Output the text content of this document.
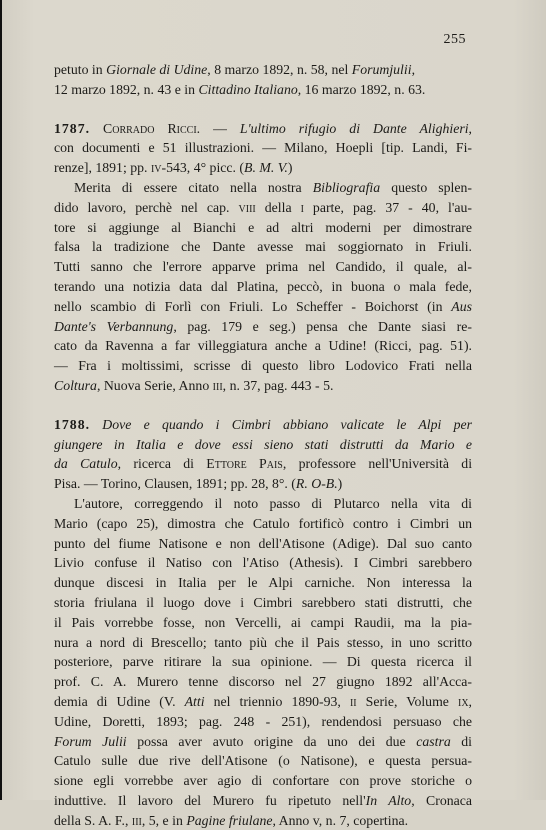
255
petuto in Giornale di Udine, 8 marzo 1892, n. 58, nel Forumjulii,
12 marzo 1892, n. 43 e in Cittadino Italiano, 16 marzo 1892, n. 63.
1787. Corrado Ricci. — L'ultimo rifugio di Dante Alighieri,
con documenti e 51 illustrazioni. — Milano, Hoepli [tip. Landi, Fi-
renze], 1891; pp. iv-543, 4° picc. (B. M. V.)
Merita di essere citato nella nostra Bibliografia questo splen-
dido lavoro, perchè nel cap. viii della i parte, pag. 37 - 40, l'au-
tore si aggiunge al Bianchi e ad altri moderni per dimostrare
falsa la tradizione che Dante avesse mai soggiornato in Friuli.
Tutti sanno che l'errore apparve prima nel Candido, il quale, al-
terando una notizia data dal Platina, peccò, in buona o mala fede,
nello scambio di Forlì con Friuli. Lo Scheffer - Boichorst (in Aus
Dante's Verbannung, pag. 179 e seg.) pensa che Dante siasi re-
cato da Ravenna a far villeggiatura anche a Udine! (Ricci, pag. 51).
— Fra i moltissimi, scrisse di questo libro Lodovico Frati nella
Coltura, Nuova Serie, Anno iii, n. 37, pag. 443 - 5.
1788. Dove e quando i Cimbri abbiano valicate le Alpi per
giungere in Italia e dove essi sieno stati distrutti da Mario e
da Catulo, ricerca di Ettore Pais, professore nell'Università di
Pisa. — Torino, Clausen, 1891; pp. 28, 8°. (R. O-B.)
L'autore, correggendo il noto passo di Plutarco nella vita di
Mario (capo 25), dimostra che Catulo fortificò contro i Cimbri un
punto del fiume Natisone e non dell'Atisone (Adige). Dal suo canto
Livio confuse il Natiso con l'Atiso (Athesis). I Cimbri sarebbero
dunque discesi in Italia per le Alpi carniche. Non interessa la
storia friulana il luogo dove i Cimbri sarebbero stati distrutti, che
il Pais vorrebbe fosse, non Vercelli, ai campi Raudii, ma la pia-
nura a nord di Brescello; tanto più che il Pais stesso, in uno scritto
posteriore, parve ritirare la sua opinione. — Di questa ricerca il
prof. C. A. Murero tenne discorso nel 27 giugno 1892 all'Acca-
demia di Udine (V. Atti nel triennio 1890-93, ii Serie, Volume ix,
Udine, Doretti, 1893; pag. 248 - 251), rendendosi persuaso che
Forum Julii possa aver avuto origine da uno dei due castra di
Catulo sulle due rive dell'Atisone (o Natisone), e questa persua-
sione egli vorrebbe aver agio di confortare con prove storiche o
induttive. Il lavoro del Murero fu ripetuto nell'In Alto, Cronaca
della S. A. F., iii, 5, e in Pagine friulane, Anno v, n. 7, copertina.
